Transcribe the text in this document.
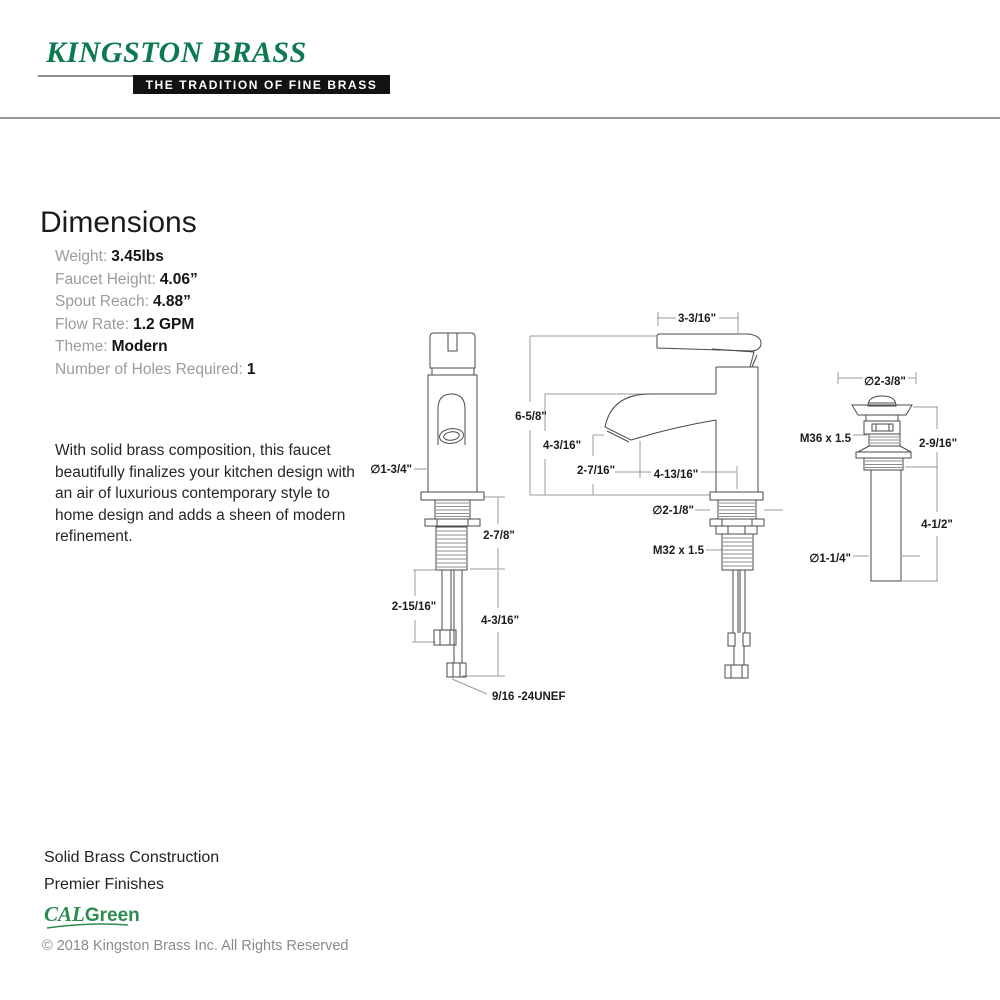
KINGSTON BRASS
THE TRADITION OF FINE BRASS
Dimensions
Weight: 3.45lbs
Faucet Height: 4.06”
Spout Reach: 4.88”
Flow Rate: 1.2 GPM
Theme: Modern
Number of Holes Required: 1

With solid brass composition, this faucet beautifully finalizes your kitchen design with an air of luxurious contemporary style to home design and adds a sheen of modern refinement.

∅1-3/4"
2-7/8"
2-15/16"
4-3/16"
9/16 -24UNEF
3-3/16"
6-5/8"
4-3/16"
2-7/16"	4-13/16"
∅2-1/8"
M32 x 1.5
∅2-3/8"
M36 x 1.5	2-9/16"
4-1/2"
∅1-1/4"
Solid Brass Construction
Premier Finishes
CALGreen
© 2018 Kingston Brass Inc. All Rights Reserved
